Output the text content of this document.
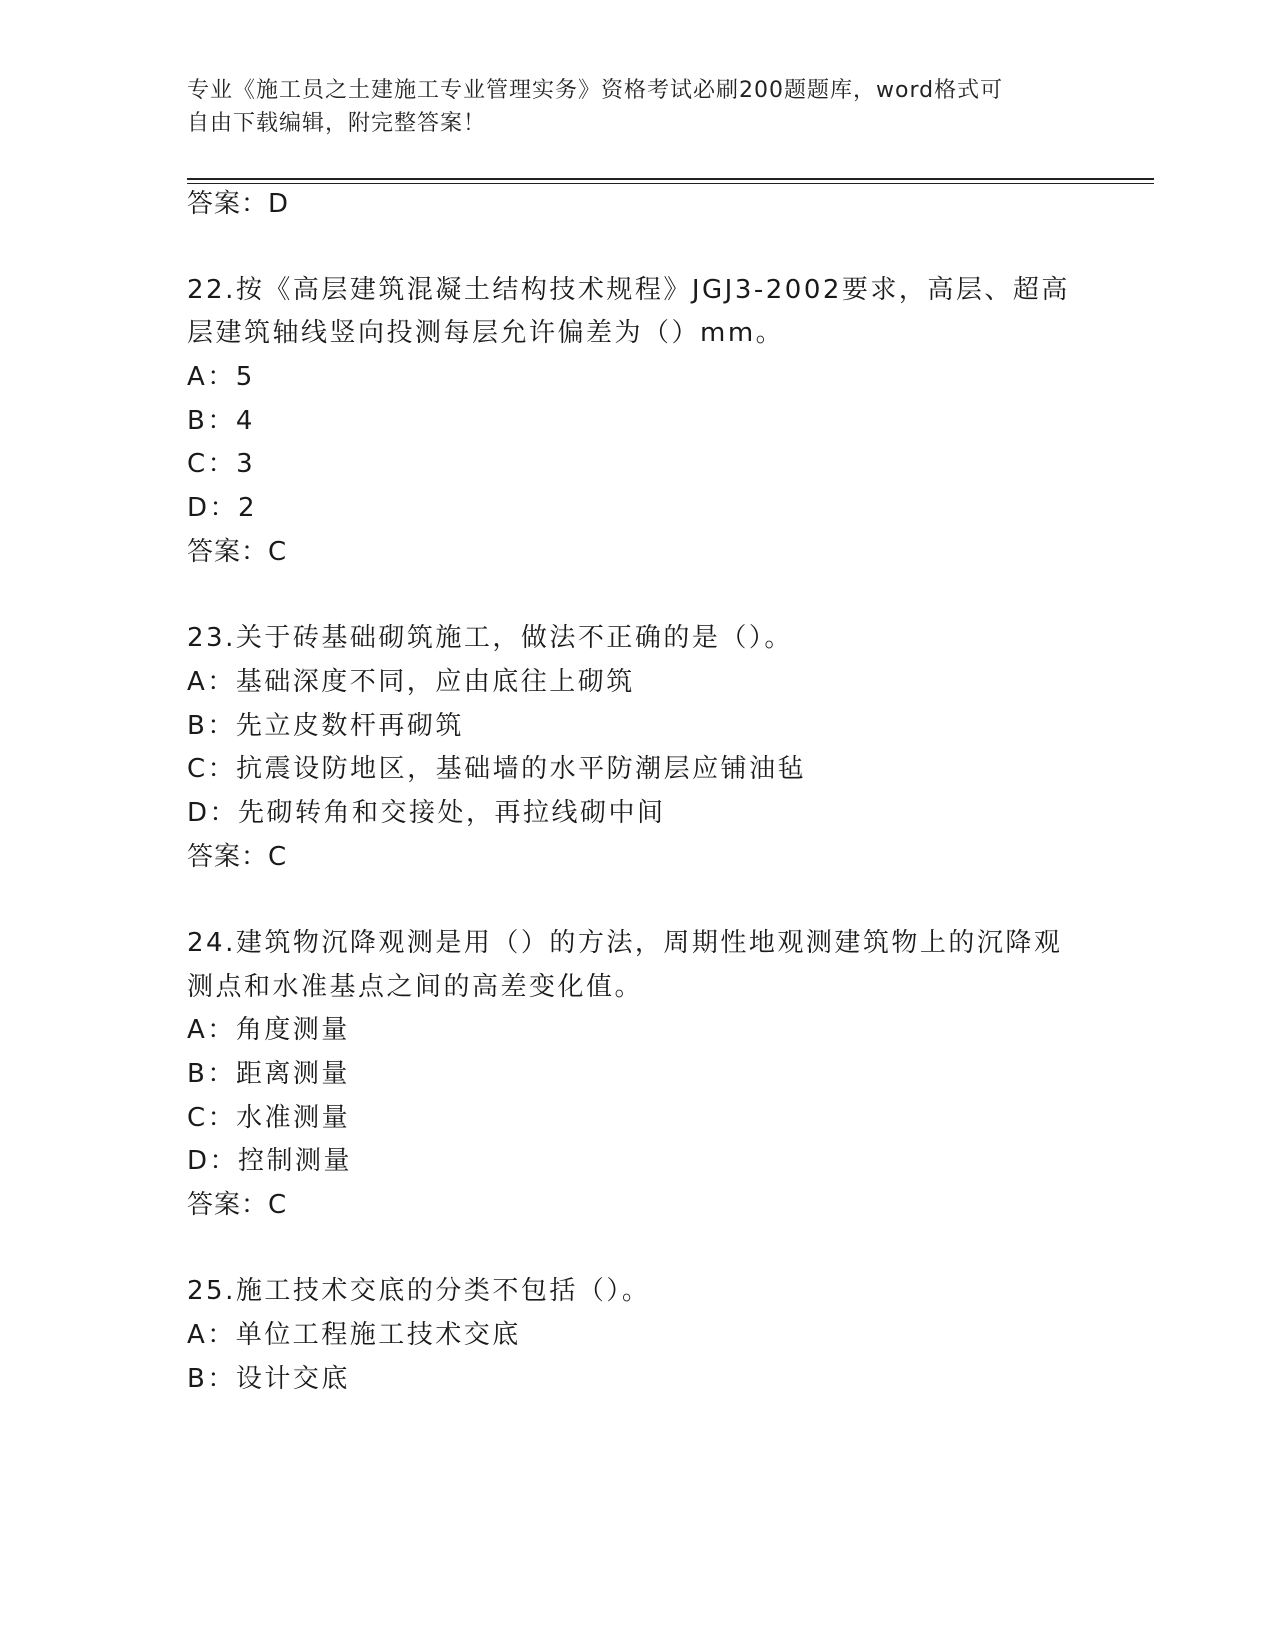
专业《施工员之土建施工专业管理实务》资格考试必刷200题题库，word格式可
自由下载编辑，附完整答案！
答案：D
22.按《高层建筑混凝土结构技术规程》JGJ3-2002要求，高层、超高
层建筑轴线竖向投测每层允许偏差为（）mm。
A：5
B：4
C：3
D：2
答案：C
23.关于砖基础砌筑施工，做法不正确的是（）。
A：基础深度不同，应由底往上砌筑
B：先立皮数杆再砌筑
C：抗震设防地区，基础墙的水平防潮层应铺油毡
D：先砌转角和交接处，再拉线砌中间
答案：C
24.建筑物沉降观测是用（）的方法，周期性地观测建筑物上的沉降观
测点和水准基点之间的高差变化值。
A：角度测量
B：距离测量
C：水准测量
D：控制测量
答案：C
25.施工技术交底的分类不包括（）。
A：单位工程施工技术交底
B：设计交底
